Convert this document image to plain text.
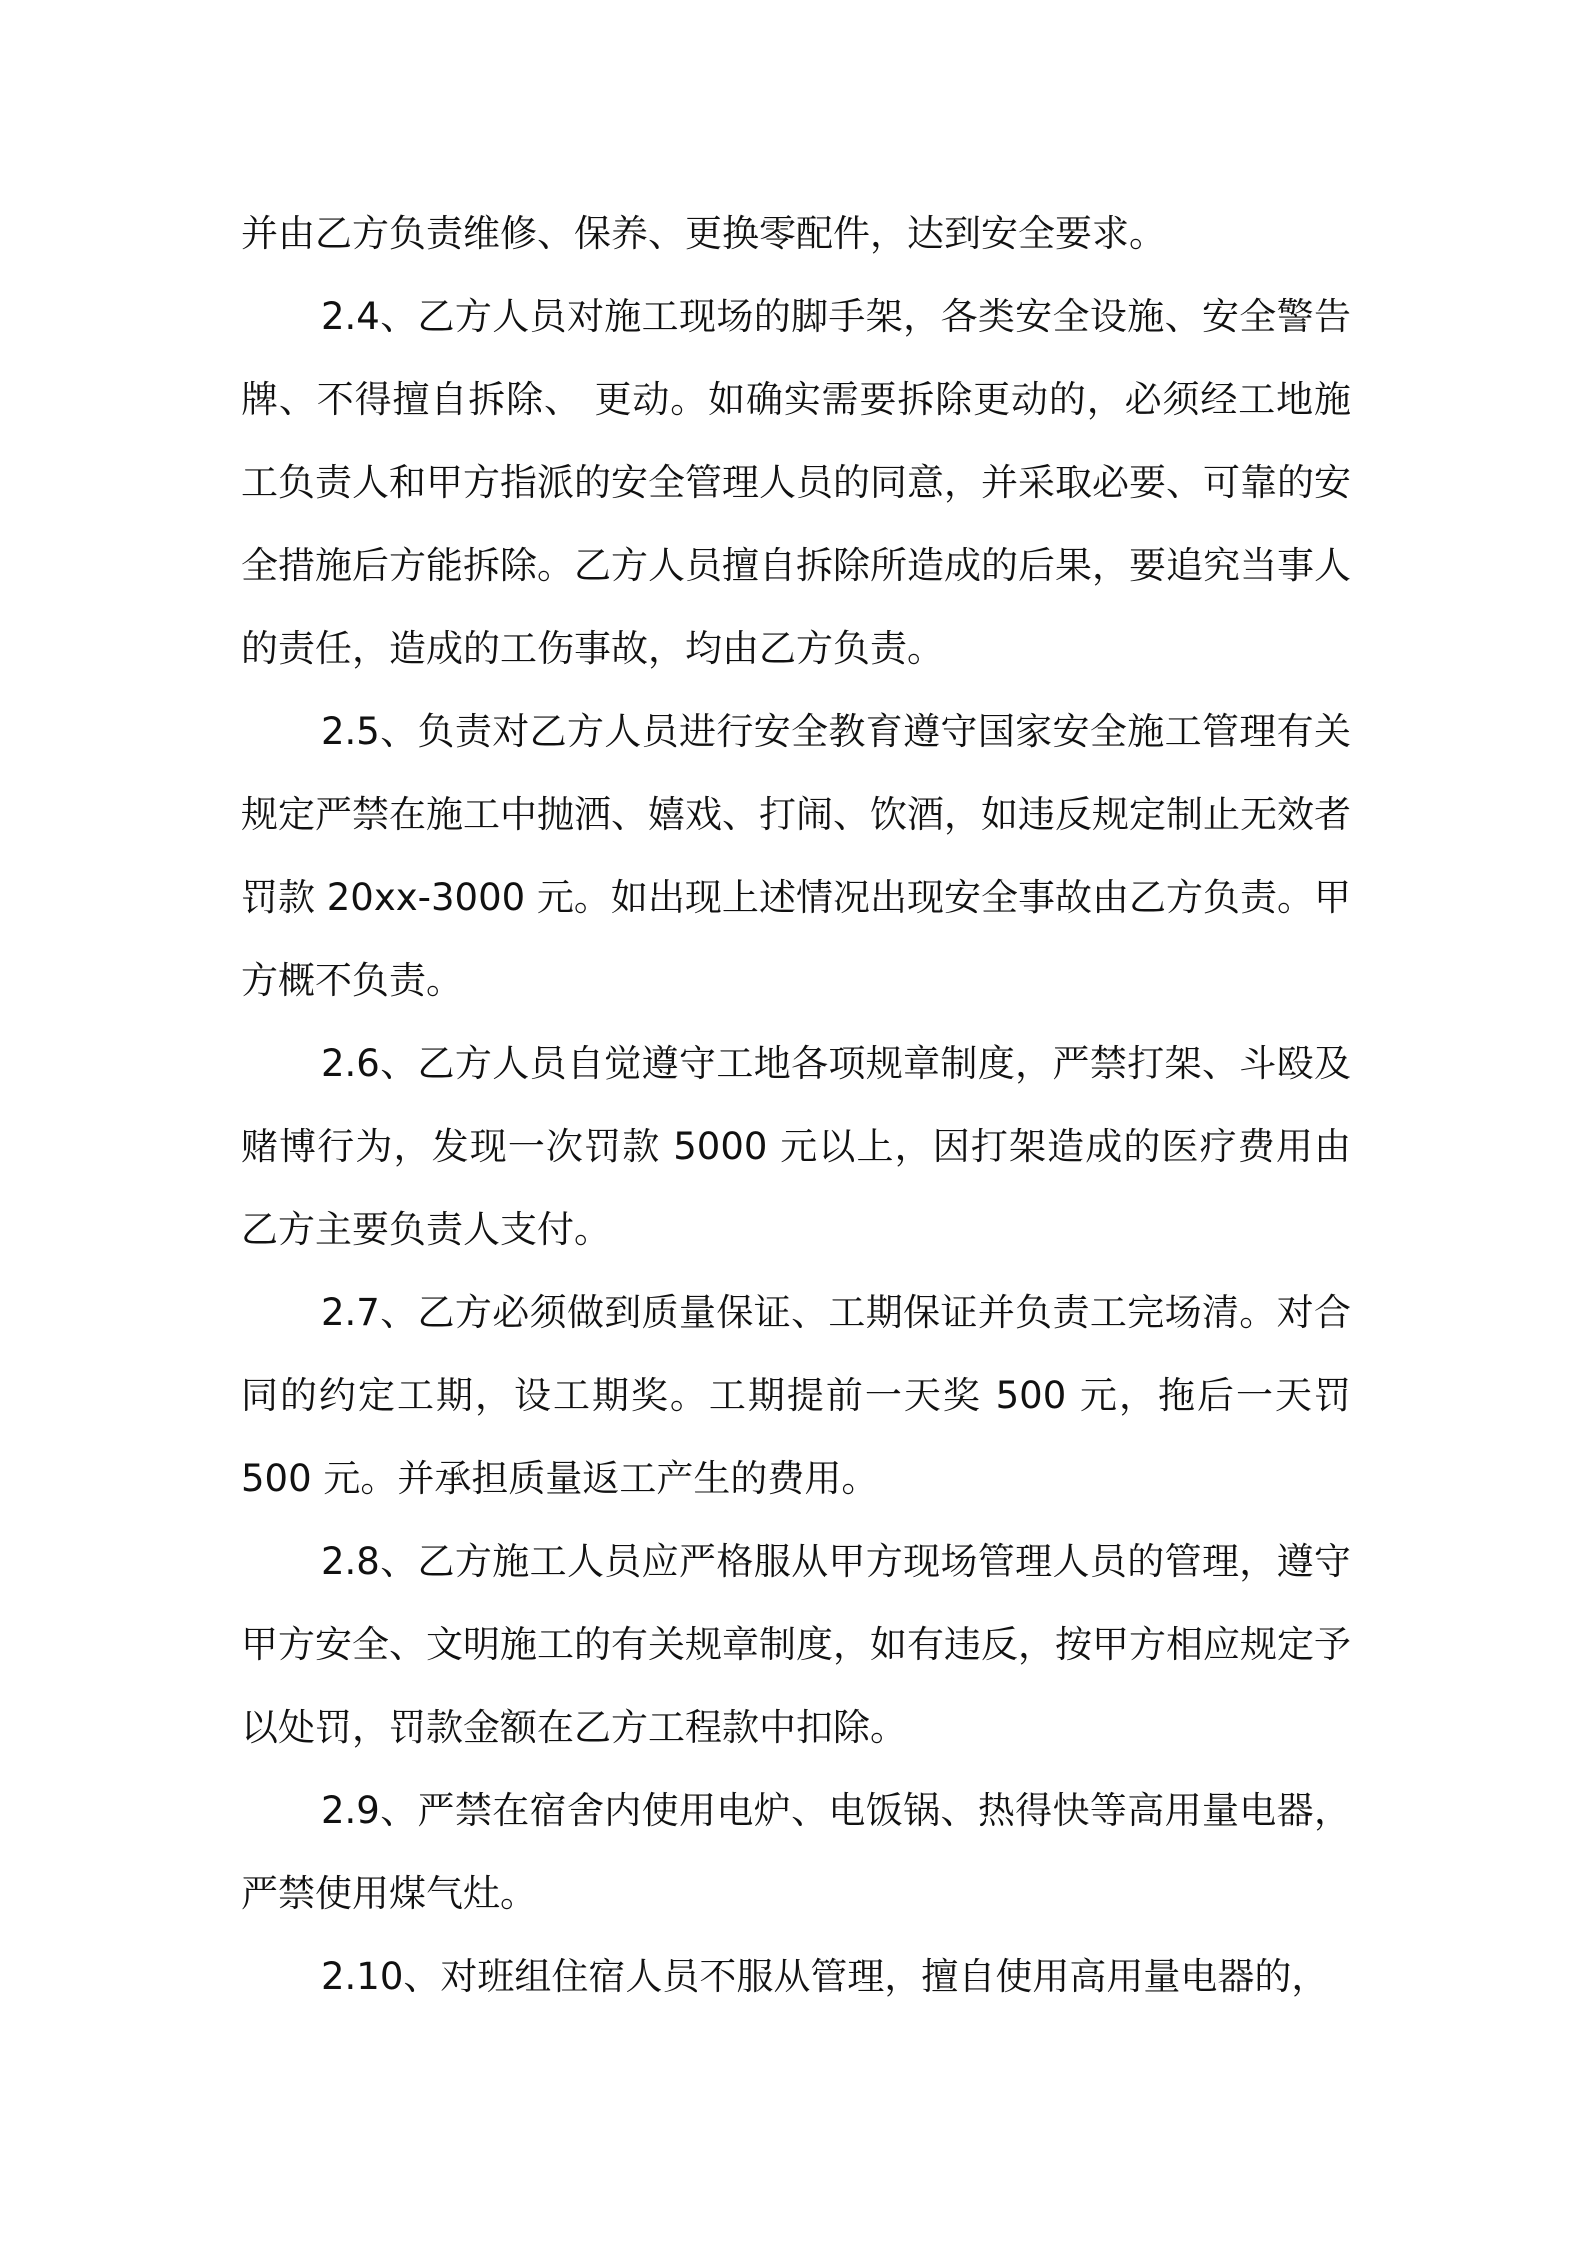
并由乙方负责维修、保养、更换零配件，达到安全要求。

2.4、乙方人员对施工现场的脚手架，各类安全设施、安全警告牌、不得擅自拆除、 更动。如确实需要拆除更动的，必须经工地施工负责人和甲方指派的安全管理人员的同意，并采取必要、可靠的安全措施后方能拆除。乙方人员擅自拆除所造成的后果，要追究当事人的责任，造成的工伤事故，均由乙方负责。

2.5、负责对乙方人员进行安全教育遵守国家安全施工管理有关规定严禁在施工中抛洒、嬉戏、打闹、饮酒，如违反规定制止无效者罚款 20xx-3000 元。如出现上述情况出现安全事故由乙方负责。甲方概不负责。

2.6、乙方人员自觉遵守工地各项规章制度，严禁打架、斗殴及赌博行为，发现一次罚款 5000 元以上，因打架造成的医疗费用由乙方主要负责人支付。

2.7、乙方必须做到质量保证、工期保证并负责工完场清。对合同的约定工期，设工期奖。工期提前一天奖 500 元，拖后一天罚 500 元。并承担质量返工产生的费用。

2.8、乙方施工人员应严格服从甲方现场管理人员的管理，遵守甲方安全、文明施工的有关规章制度，如有违反，按甲方相应规定予以处罚，罚款金额在乙方工程款中扣除。

2.9、严禁在宿舍内使用电炉、电饭锅、热得快等高用量电器，严禁使用煤气灶。

2.10、对班组住宿人员不服从管理，擅自使用高用量电器的，
